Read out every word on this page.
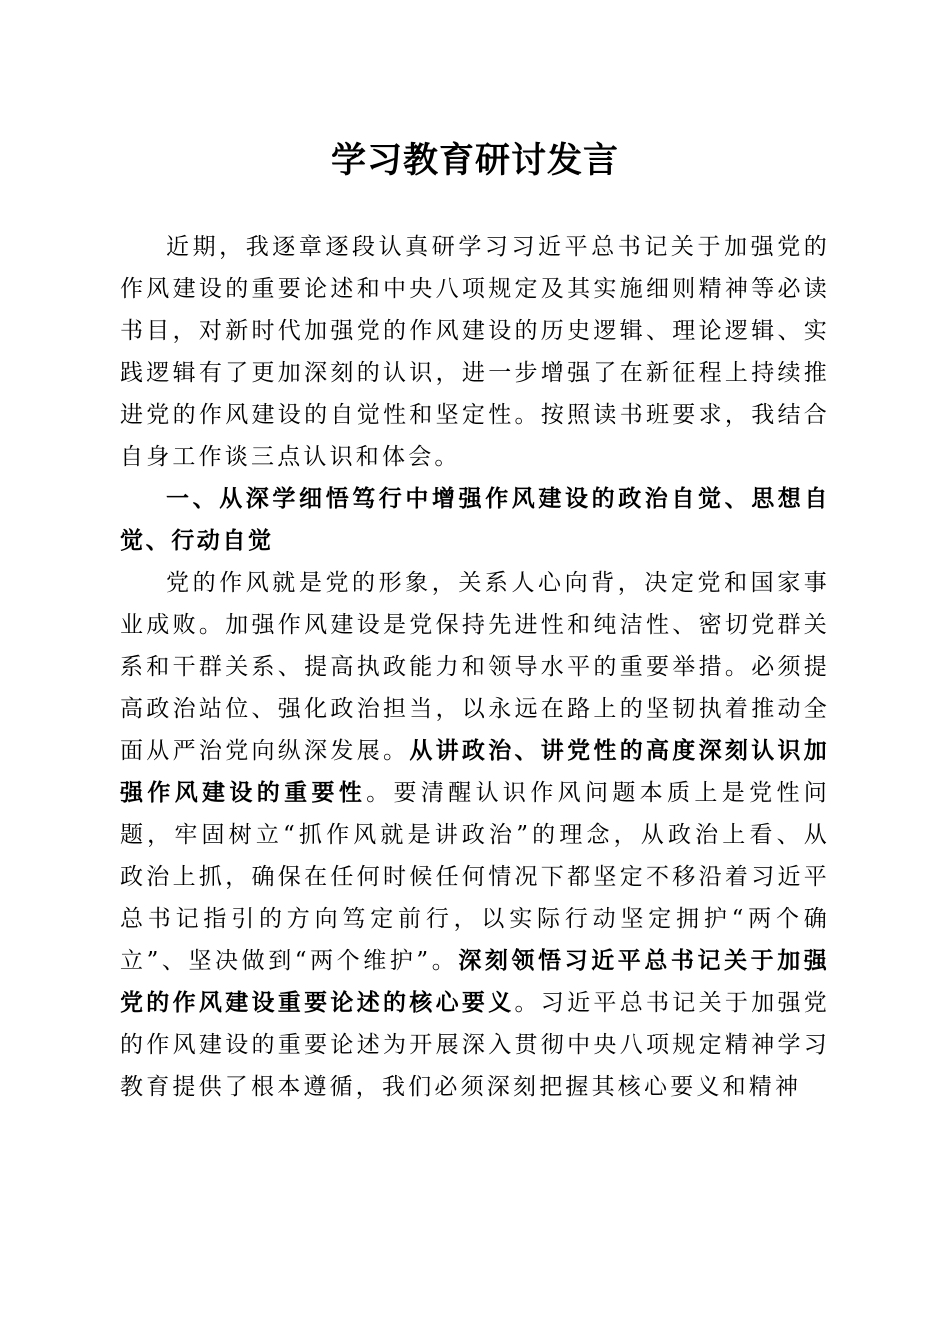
学习教育研讨发言

近期，我逐章逐段认真研学习习近平总书记关于加强党的作风建设的重要论述和中央八项规定及其实施细则精神等必读书目，对新时代加强党的作风建设的历史逻辑、理论逻辑、实践逻辑有了更加深刻的认识，进一步增强了在新征程上持续推进党的作风建设的自觉性和坚定性。按照读书班要求，我结合自身工作谈三点认识和体会。

一、从深学细悟笃行中增强作风建设的政治自觉、思想自觉、行动自觉

党的作风就是党的形象，关系人心向背，决定党和国家事业成败。加强作风建设是党保持先进性和纯洁性、密切党群关系和干群关系、提高执政能力和领导水平的重要举措。必须提高政治站位、强化政治担当，以永远在路上的坚韧执着推动全面从严治党向纵深发展。从讲政治、讲党性的高度深刻认识加强作风建设的重要性。要清醒认识作风问题本质上是党性问题，牢固树立“抓作风就是讲政治”的理念，从政治上看、从政治上抓，确保在任何时候任何情况下都坚定不移沿着习近平总书记指引的方向笃定前行，以实际行动坚定拥护“两个确立”、坚决做到“两个维护”。深刻领悟习近平总书记关于加强党的作风建设重要论述的核心要义。习近平总书记关于加强党的作风建设的重要论述为开展深入贯彻中央八项规定精神学习教育提供了根本遵循，我们必须深刻把握其核心要义和精神
